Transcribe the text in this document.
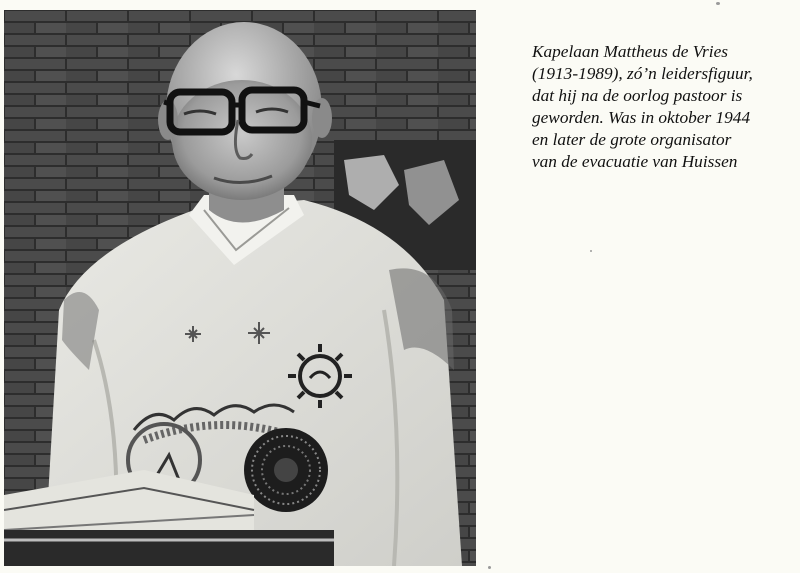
Kapelaan Mattheus de Vries
(1913-1989), zó’n leidersfiguur,
dat hij na de oorlog pastoor is
geworden. Was in oktober 1944
en later de grote organisator
van de evacuatie van Huissen
